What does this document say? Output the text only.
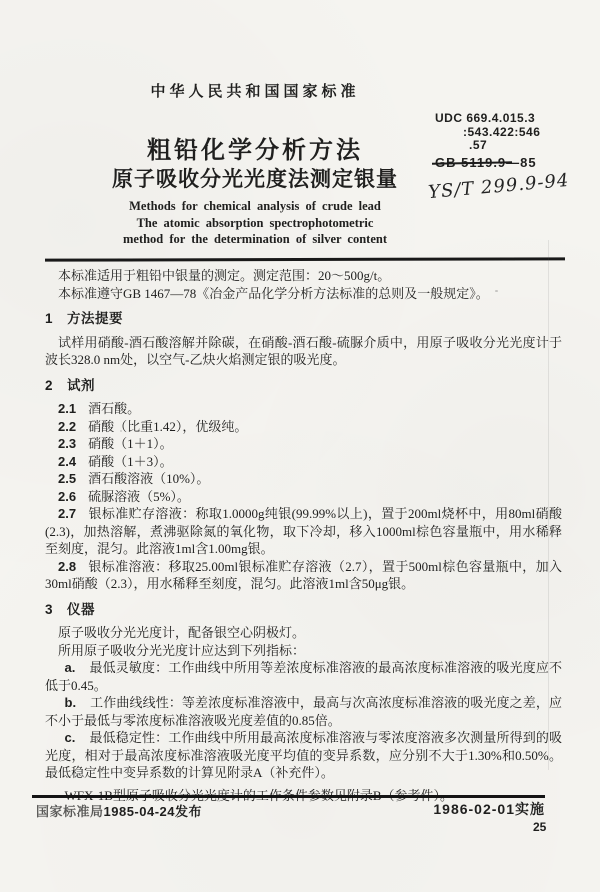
中华人民共和国国家标准
粗铅化学分析方法
原子吸收分光光度法测定银量

Methods for chemical analysis of crude lead

The atomic absorption spectrophotometric

method for the determination of silver content

UDC 669.4.015.3
:543.422:546
.57
GB 5119.9—85
YS/T 299.9-94

本标准适用于粗铅中银量的测定。测定范围：20～500g/t。

本标准遵守GB 1467—78《冶金产品化学分析方法标准的总则及一般规定》。

1 方法提要

试样用硝酸-酒石酸溶解并除碳，在硝酸-酒石酸-硫脲介质中，用原子吸收分光光度计于波长328.0 nm处，以空气-乙炔火焰测定银的吸光度。

2 试剂

2.1 酒石酸。

2.2 硝酸（比重1.42），优级纯。

2.3 硝酸（1＋1）。

2.4 硝酸（1＋3）。

2.5 酒石酸溶液（10%）。

2.6 硫脲溶液（5%）。

2.7 银标准贮存溶液：称取1.0000g纯银(99.99%以上)，置于200ml烧杯中，用80ml硝酸(2.3)，加热溶解，煮沸驱除氮的氧化物，取下冷却，移入1000ml棕色容量瓶中，用水稀释至刻度，混匀。此溶液1ml含1.00mg银。

2.8 银标准溶液：移取25.00ml银标准贮存溶液（2.7），置于500ml棕色容量瓶中，加入30ml硝酸（2.3），用水稀释至刻度，混匀。此溶液1ml含50μg银。

3 仪器

原子吸收分光光度计，配备银空心阴极灯。

所用原子吸收分光光度计应达到下列指标：

a. 最低灵敏度：工作曲线中所用等差浓度标准溶液的最高浓度标准溶液的吸光度应不低于0.45。

b. 工作曲线线性：等差浓度标准溶液中，最高与次高浓度标准溶液的吸光度之差，应不小于最低与零浓度标准溶液吸光度差值的0.85倍。

c. 最低稳定性：工作曲线中所用最高浓度标准溶液与零浓度溶液多次测量所得到的吸光度，相对于最高浓度标准溶液吸光度平均值的变异系数，应分别不大于1.30%和0.50%。最低稳定性中变异系数的计算见附录A（补充件）。

国家标准局1985-04-24发布	1986-02-01实施
25
